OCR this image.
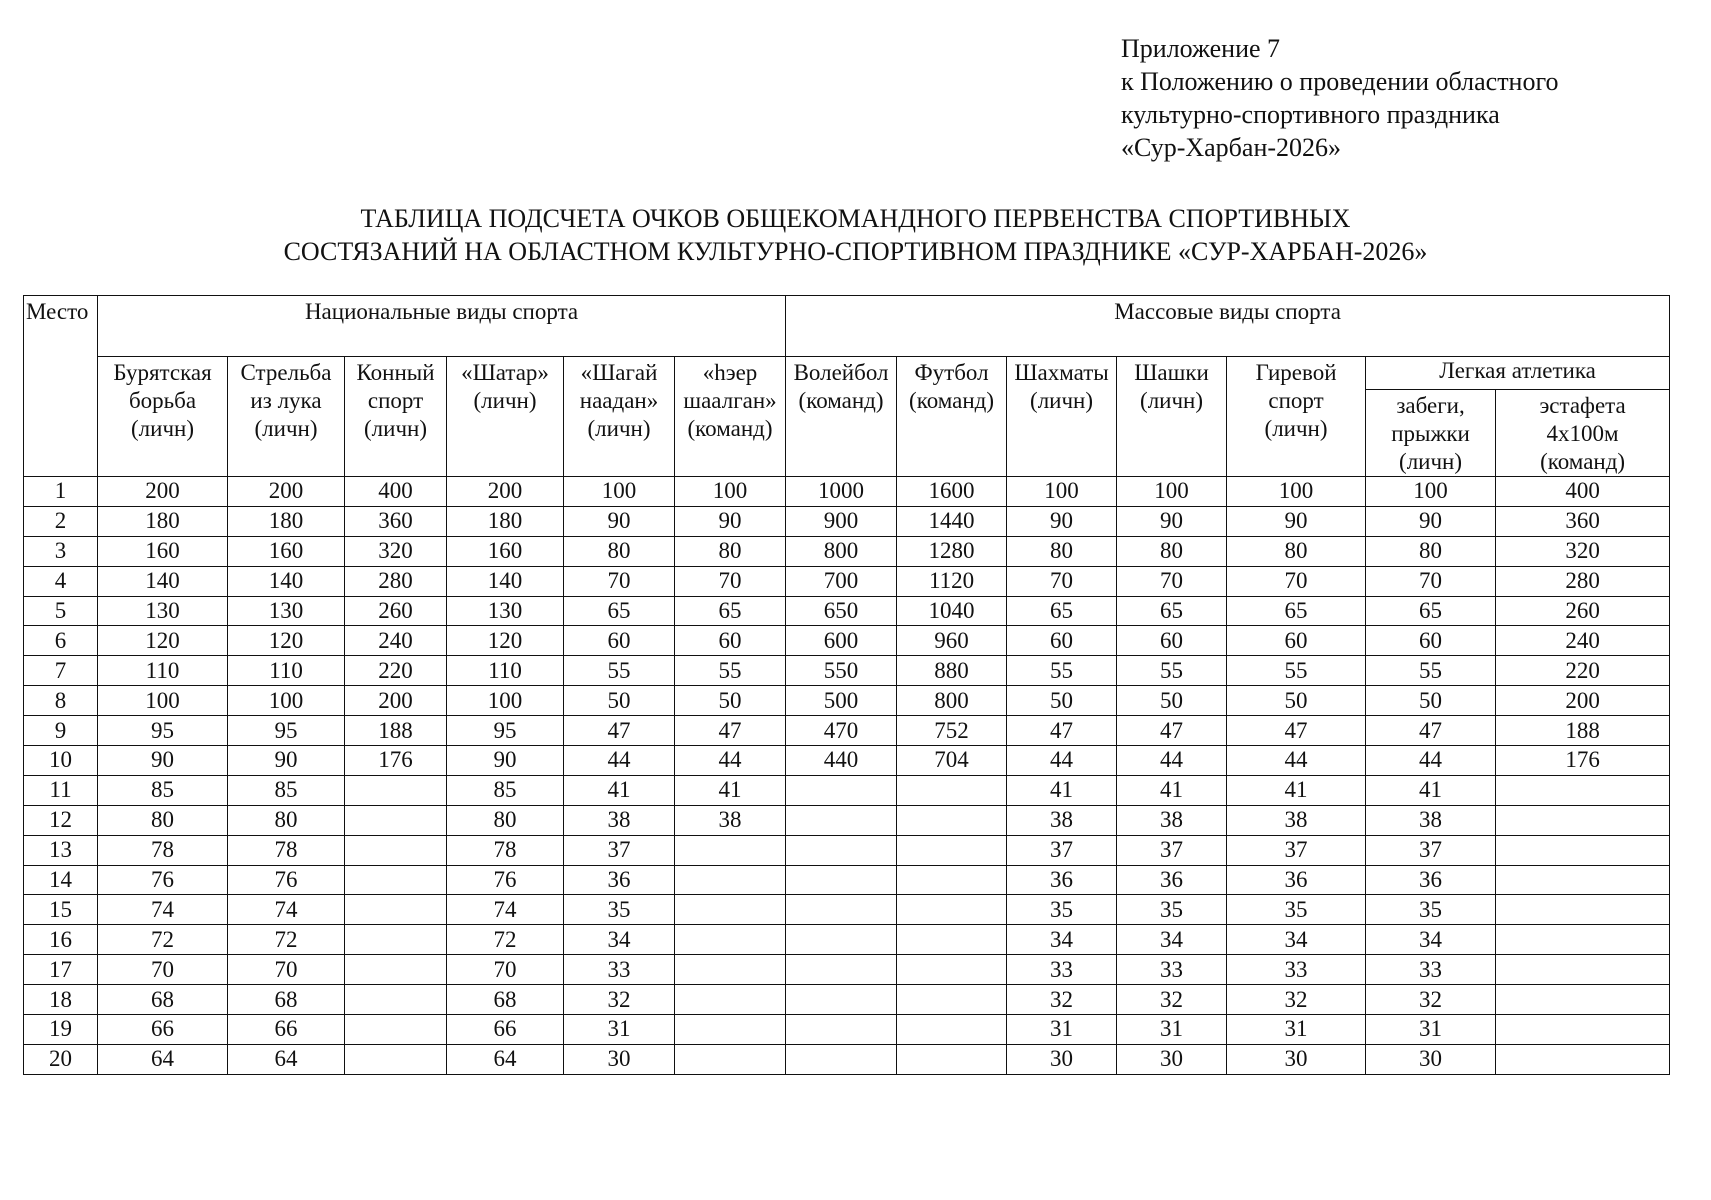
Приложение 7
к Положению о проведении областного
культурно-спортивного праздника
«Сур-Харбан-2026»
ТАБЛИЦА ПОДСЧЕТА ОЧКОВ ОБЩЕКОМАНДНОГО ПЕРВЕНСТВА СПОРТИВНЫХ
СОСТЯЗАНИЙ НА ОБЛАСТНОМ КУЛЬТУРНО-СПОРТИВНОМ ПРАЗДНИКЕ «СУР-ХАРБАН-2026»
Место	Национальные виды спорта						Массовые виды спорта						

	Бурятская
борьба
(личн)	Стрельба
из лука
(личн)	Конный
спорт
(личн)	«Шатар»
(личн)	«Шагай
наадан»
(личн)	«hэер
шаалган»
(команд)	Волейбол
(команд)	Футбол
(команд)	Шахматы
(личн)	Шашки
(личн)	Гиревой
спорт
(личн)	Легкая атлетика	

												забеги,
прыжки
(личн)	эстафета
4х100м
(команд)

1	200	200	400	200	100	100	1000	1600	100	100	100	100	400
2	180	180	360	180	90	90	900	1440	90	90	90	90	360
3	160	160	320	160	80	80	800	1280	80	80	80	80	320
4	140	140	280	140	70	70	700	1120	70	70	70	70	280
5	130	130	260	130	65	65	650	1040	65	65	65	65	260
6	120	120	240	120	60	60	600	960	60	60	60	60	240
7	110	110	220	110	55	55	550	880	55	55	55	55	220
8	100	100	200	100	50	50	500	800	50	50	50	50	200
9	95	95	188	95	47	47	470	752	47	47	47	47	188
10	90	90	176	90	44	44	440	704	44	44	44	44	176
11	85	85		85	41	41			41	41	41	41	
12	80	80		80	38	38			38	38	38	38	
13	78	78		78	37				37	37	37	37	
14	76	76		76	36				36	36	36	36	
15	74	74		74	35				35	35	35	35	
16	72	72		72	34				34	34	34	34	
17	70	70		70	33				33	33	33	33	
18	68	68		68	32				32	32	32	32	
19	66	66		66	31				31	31	31	31	
20	64	64		64	30				30	30	30	30	
